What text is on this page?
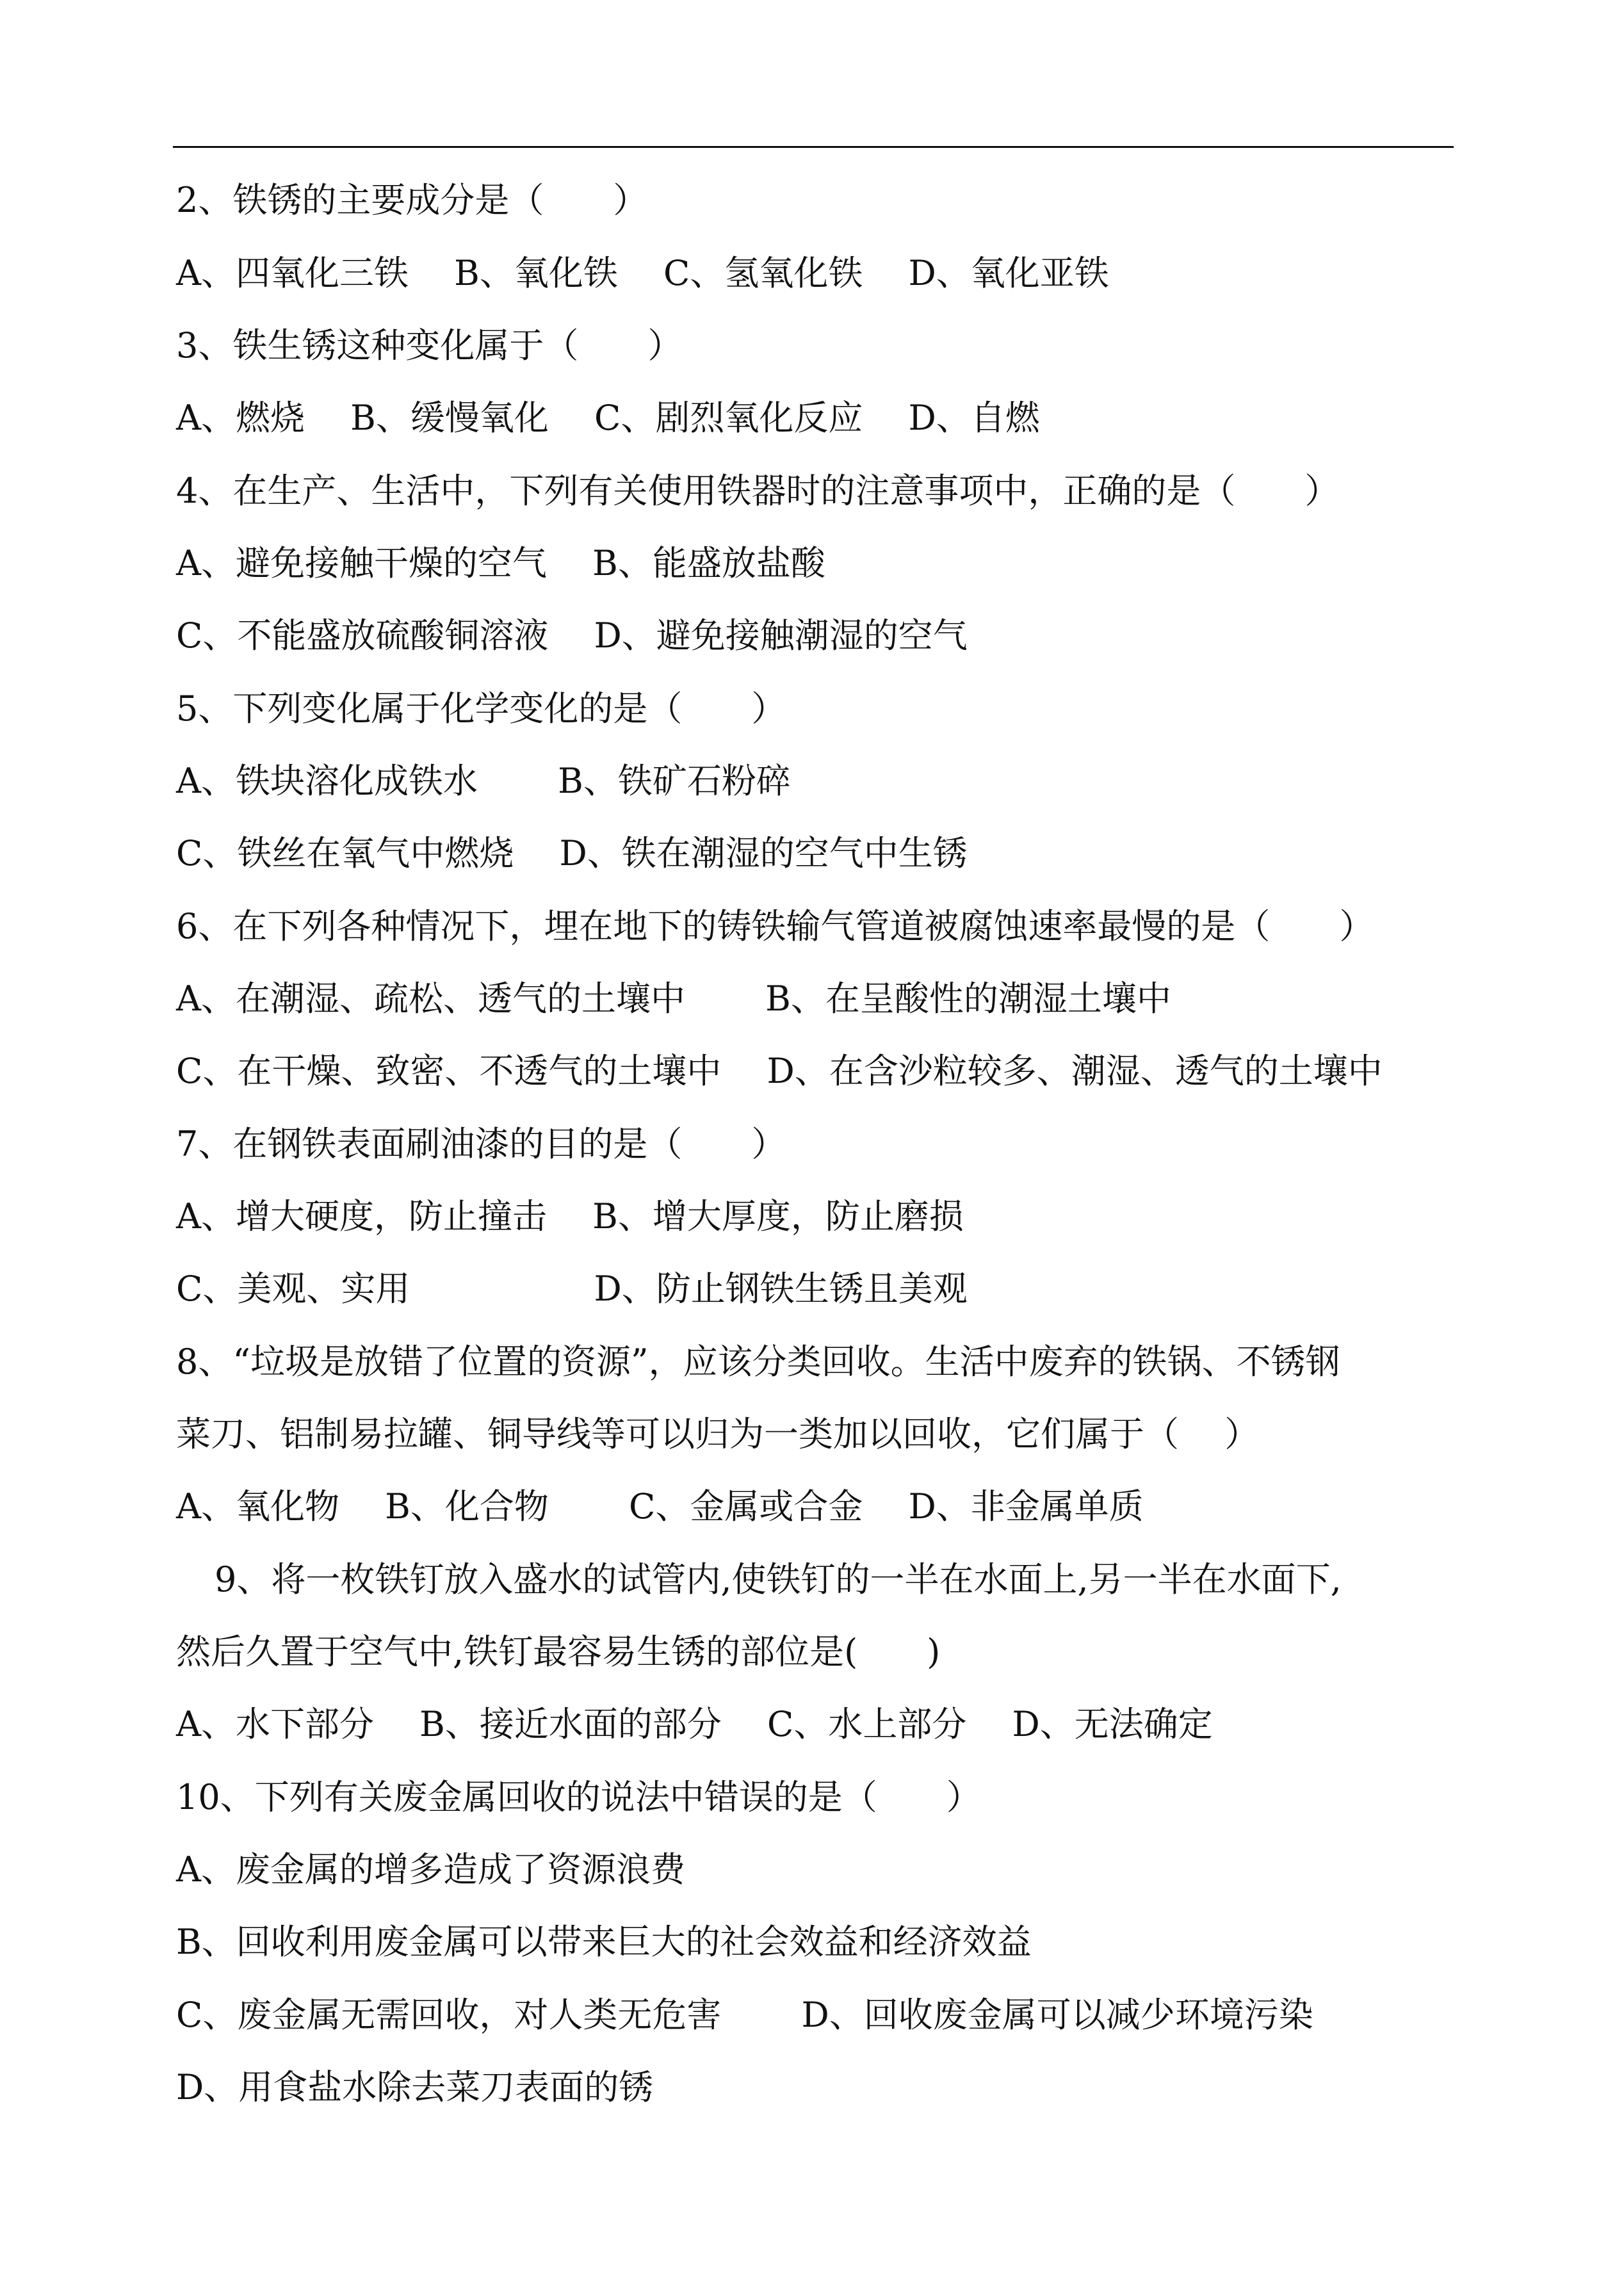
2、铁锈的主要成分是（　　）
A、四氧化三铁　 B、氧化铁　 C、氢氧化铁　 D、氧化亚铁
3、铁生锈这种变化属于（　　）
A、燃烧　 B、缓慢氧化　 C、剧烈氧化反应　 D、自燃
4、在生产、生活中，下列有关使用铁器时的注意事项中，正确的是（　　）
A、避免接触干燥的空气　 B、能盛放盐酸
C、不能盛放硫酸铜溶液　 D、避免接触潮湿的空气
5、下列变化属于化学变化的是（　　）
A、铁块溶化成铁水　　 B、铁矿石粉碎
C、铁丝在氧气中燃烧　 D、铁在潮湿的空气中生锈
6、在下列各种情况下，埋在地下的铸铁输气管道被腐蚀速率最慢的是（　　）
A、在潮湿、疏松、透气的土壤中　　 B、在呈酸性的潮湿土壤中
C、在干燥、致密、不透气的土壤中　 D、在含沙粒较多、潮湿、透气的土壤中
7、在钢铁表面刷油漆的目的是（　　）
A、增大硬度，防止撞击　 B、增大厚度，防止磨损
C、美观、实用　　　　　 D、防止钢铁生锈且美观
8、“垃圾是放错了位置的资源”，应该分类回收。生活中废弃的铁锅、不锈钢
菜刀、铝制易拉罐、铜导线等可以归为一类加以回收，它们属于（　 ）
A、氧化物　 B、化合物　　 C、金属或合金　 D、非金属单质
9、将一枚铁钉放入盛水的试管内,使铁钉的一半在水面上,另一半在水面下,
然后久置于空气中,铁钉最容易生锈的部位是(　　)
A、水下部分　 B、接近水面的部分　 C、水上部分　 D、无法确定
10、下列有关废金属回收的说法中错误的是（　　）
A、废金属的增多造成了资源浪费
B、回收利用废金属可以带来巨大的社会效益和经济效益
C、废金属无需回收，对人类无危害　　 D、回收废金属可以减少环境污染
D、用食盐水除去菜刀表面的锈
